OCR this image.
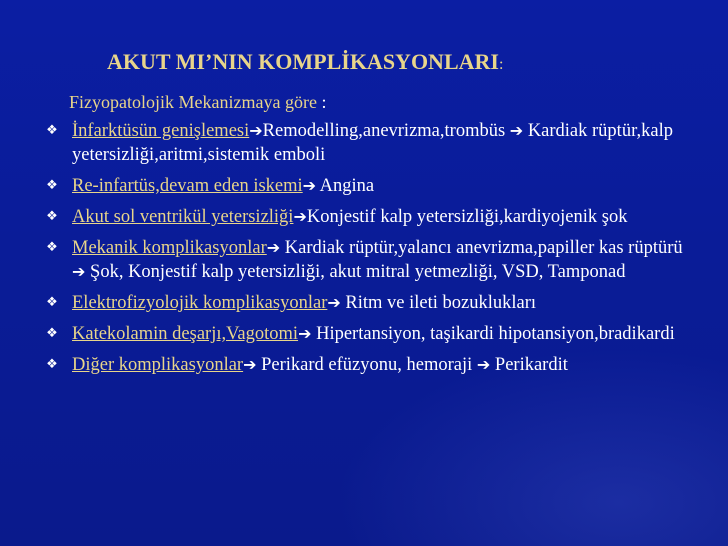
AKUT MI’NIN KOMPLİKASYONLARI:
Fizyopatolojik Mekanizmaya göre :
❖ İnfarktüsün genişlemesi➔Remodelling,anevrizma,trombüs ➔ Kardiak rüptür,kalp yetersizliği,aritmi,sistemik emboli
❖ Re-infartüs,devam eden iskemi➔ Angina
❖ Akut sol ventrikül yetersizliği➔Konjestif kalp yetersizliği,kardiyojenik şok
❖ Mekanik komplikasyonlar➔ Kardiak rüptür,yalancı anevrizma,papiller kas rüptürü ➔ Şok, Konjestif kalp yetersizliği, akut mitral yetmezliği, VSD, Tamponad
❖ Elektrofizyolojik komplikasyonlar➔ Ritm ve ileti bozuklukları
❖ Katekolamin deşarjı,Vagotomi➔ Hipertansiyon, taşikardi hipotansiyon,bradikardi
❖ Diğer komplikasyonlar➔ Perikard efüzyonu, hemoraji ➔ Perikardit
